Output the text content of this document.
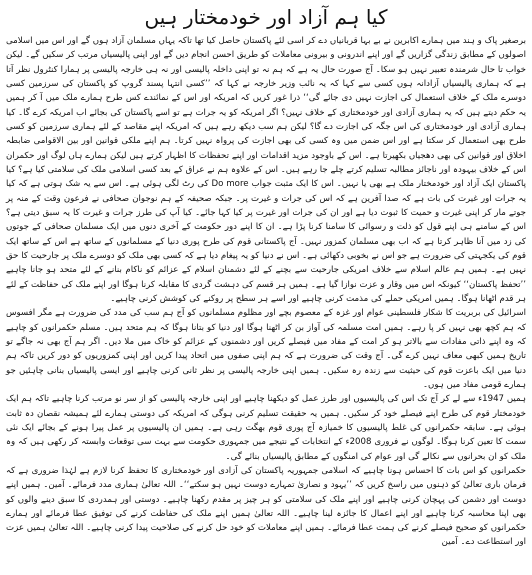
کیا ہم آزاد اور خودمختار ہیں

برصغیر پاک و ہند میں ہمارے اکابرین نے بے بہا قربانیاں دے کر اسی لئے پاکستان حاصل کیا تھا تاکہ یہاں مسلمان آزاد ہوں گے اور اس میں اسلامی اصولوں کے مطابق زندگی گزاریں گے اور اپنے اندرونی و بیرونی معاملات کو طریق احسن انجام دیں گے اور اپنی پالیسیاں مرتب کر سکیں گے۔ لیکن خواب تا حال شرمندہ تعبیر نہیں ہو سکا۔ آج صورت حال یہ ہے کہ ہم نہ تو اپنی داخلہ پالیسی اور نہ ہی خارجہ پالیسی پر ہمارا کنٹرول نظر آتا ہے کہ ہماری پالیسیاں آزادانہ ہوں کسی سے کہا کہ یہ نائب وزیر خارجہ نے کہا کہ ’’کسی انتہا پسند گروپ کو پاکستان کی سرزمین کسی دوسرے ملک کے خلاف استعمال کی اجازت نہیں دی جائے گی‘‘ ذرا غور کریں کہ امریکہ اور اس کے نمائندے کس طرح ہمارے ملک میں آ کر ہمیں یہ حکم دیتے ہیں کہ یہ ہماری آزادی اور خودمختاری کے خلاف نہیں؟ اگر امریکہ کو یہ جرات ہے تو اسے پاکستان کی بجائے اب امریکہ کرے گا۔ کیا ہماری آزادی اور خودمختاری کی اس جگہ کی اجازت دے گا؟ لیکن ہم سب دیکھ رہے ہیں کہ امریکہ اپنے مقاصد کے لئے ہماری سرزمین کو کسی طرح بھی استعمال کر سکتا ہے اور اس ضمن میں وہ کسی کی بھی اجازت کی پرواہ نہیں کرتا۔ ہم اپنے ملکی قوانین اور بین الاقوامی ضابطہ اخلاق اور قوانین کی بھی دھجیاں بکھیرتا ہے۔ اس کے باوجود مزید اقدامات اور اپنے تحفظات کا اظہار کرتے ہیں لیکن ہمارے ہاں لوگ اور حکمران اس کے خلاف بیہودہ اور ناجائز مطالبہ تسلیم کرتے چلے جا رہے ہیں۔ اس کے علاوہ ہم نے عراق کے بعد کسی اسلامی ملک کی سلامتی کیا ہے؟ کیا پاکستان ایک آزاد اور خودمختار ملک ہے بھی یا نہیں۔ اس کا ایک مثبت جواب Do more کی رٹ لگی ہوئی ہے۔ اس سے یہ شک ہوتی ہے کہ کیا یہ جرات اور غیرت کی بات ہے کہ صدا آفرین ہے کہ اس کی جرات و غیرت پر۔ جبکہ صحیفہ کے ہم نوجوان صحافی نے فرعون وقت کے منہ پر جوتے مار کر اپنی غیرت و حمیت کا ثبوت دیا ہے اور ان کی جرات اور غیرت پر کیا کہا جائے۔ کیا آپ کی طرز جرات و غیرت کا یہ سبق دیتی ہے؟ اس کے سامنے ہی اپنے قول کو ذلت و رسوائی کا سامنا کرنا پڑا ہے۔ ان کا اپنے دور حکومت کے آخری دنوں میں ایک مسلمان صحافی کے جوتوں کی زد میں آنا ظاہر کرتا ہے کہ اب بھی مسلمان کمزور نہیں۔ آج پاکستانی قوم کی طرح پوری دنیا کے مسلمانوں کے ساتھ ہے اس کے ساتھ ایک قوم کی یکجہتی کی ضرورت ہے جو اس نے بخوبی دکھائی ہے۔ اس نے دنیا کو یہ پیغام دیا ہے کہ کسی بھی ملک کو دوسرے ملک پر جارحیت کا حق نہیں ہے۔ ہمیں ہم عالم اسلام سے خلاف امریکی جارحیت سے بچنے کے لئے دشمنان اسلام کے عزائم کو ناکام بنانے کے لئے متحد ہو جانا چاہیے ’’تحفظ پاکستان‘‘ کیونکہ اس میں وقار و عزت نوازا گیا ہے۔ ہمیں ہر قسم کی دہشت گردی کا مقابلہ کرنا ہوگا اور اپنے ملک کی حفاظت کے لئے ہر قدم اٹھانا ہوگا۔ ہمیں امریکی حملے کی مذمت کرنی چاہیے اور اسے ہر سطح پر روکنے کی کوشش کرنی چاہیے۔

اسرائیل کی بربریت کا شکار فلسطینی عوام اور غزہ کے معصوم بچے اور مظلوم مسلمانوں کو آج ہم سب کی مدد کی ضرورت ہے مگر افسوس کہ ہم کچھ بھی نہیں کر پا رہے۔ ہمیں امت مسلمہ کی آواز بن کر اٹھنا ہوگا اور دنیا کو بتانا ہوگا کہ ہم متحد ہیں۔ مسلم حکمرانوں کو چاہیے کہ وہ اپنے ذاتی مفادات سے بالاتر ہو کر امت کے مفاد میں فیصلے کریں اور دشمنوں کے عزائم کو خاک میں ملا دیں۔ اگر ہم آج بھی نہ جاگے تو تاریخ ہمیں کبھی معاف نہیں کرے گی۔ آج وقت کی ضرورت ہے کہ ہم اپنی صفوں میں اتحاد پیدا کریں اور اپنی کمزوریوں کو دور کریں تاکہ ہم دنیا میں ایک باعزت قوم کی حیثیت سے زندہ رہ سکیں۔ ہمیں اپنی خارجہ پالیسی پر نظر ثانی کرنی چاہیے اور ایسی پالیسیاں بنانی چاہئیں جو ہمارے قومی مفاد میں ہوں۔

ہمیں 1947ء سے لے کر آج تک اس کی پالیسیوں اور طرز عمل کو دیکھنا چاہیے اور اپنی خارجہ پالیسی کو از سر نو مرتب کرنا چاہیے تاکہ ہم ایک خودمختار قوم کی طرح اپنے فیصلے خود کر سکیں۔ ہمیں یہ حقیقت تسلیم کرنی ہوگی کہ امریکہ کی دوستی ہمارے لئے ہمیشہ نقصان دہ ثابت ہوئی ہے۔ سابقہ حکمرانوں کی غلط پالیسیوں کا خمیازہ آج پوری قوم بھگت رہی ہے۔ ہمیں ان پالیسیوں پر عمل پیرا ہونے کے بجائے ایک نئی سمت کا تعین کرنا ہوگا۔ لوگوں نے فروری 2008ء کے انتخابات کے نتیجے میں جمہوری حکومت سے بہت سی توقعات وابستہ کر رکھی ہیں کہ وہ ملک کو ان بحرانوں سے نکالے گی اور عوام کی امنگوں کے مطابق پالیسیاں بنائے گی۔

حکمرانوں کو اس بات کا احساس ہونا چاہیے کہ اسلامی جمہوریہ پاکستان کی آزادی اور خودمختاری کا تحفظ کرنا لازم ہے لہٰذا ضروری ہے کہ فرمان باری تعالیٰ کو ذہنوں میں راسخ کریں کہ ’’یہود و نصاریٰ تمہارے دوست نہیں ہو سکتے‘‘۔ اللہ تعالیٰ ہماری مدد فرمائے۔ آمین۔ ہمیں اپنے دوست اور دشمن کی پہچان کرنی چاہیے اور اپنے ملک کی سلامتی کو ہر چیز پر مقدم رکھنا چاہیے۔ دوستی اور ہمدردی کا سبق دینے والوں کو بھی اپنا محاسبہ کرنا چاہیے اور اپنے اعمال کا جائزہ لینا چاہیے۔ اللہ تعالیٰ ہمیں اپنے ملک کی حفاظت کرنے کی توفیق عطا فرمائے اور ہمارے حکمرانوں کو صحیح فیصلے کرنے کی ہمت عطا فرمائے۔ ہمیں اپنے معاملات کو خود حل کرنے کی صلاحیت پیدا کرنی چاہیے۔ اللہ تعالیٰ ہمیں عزت اور استطاعت دے۔ آمین
